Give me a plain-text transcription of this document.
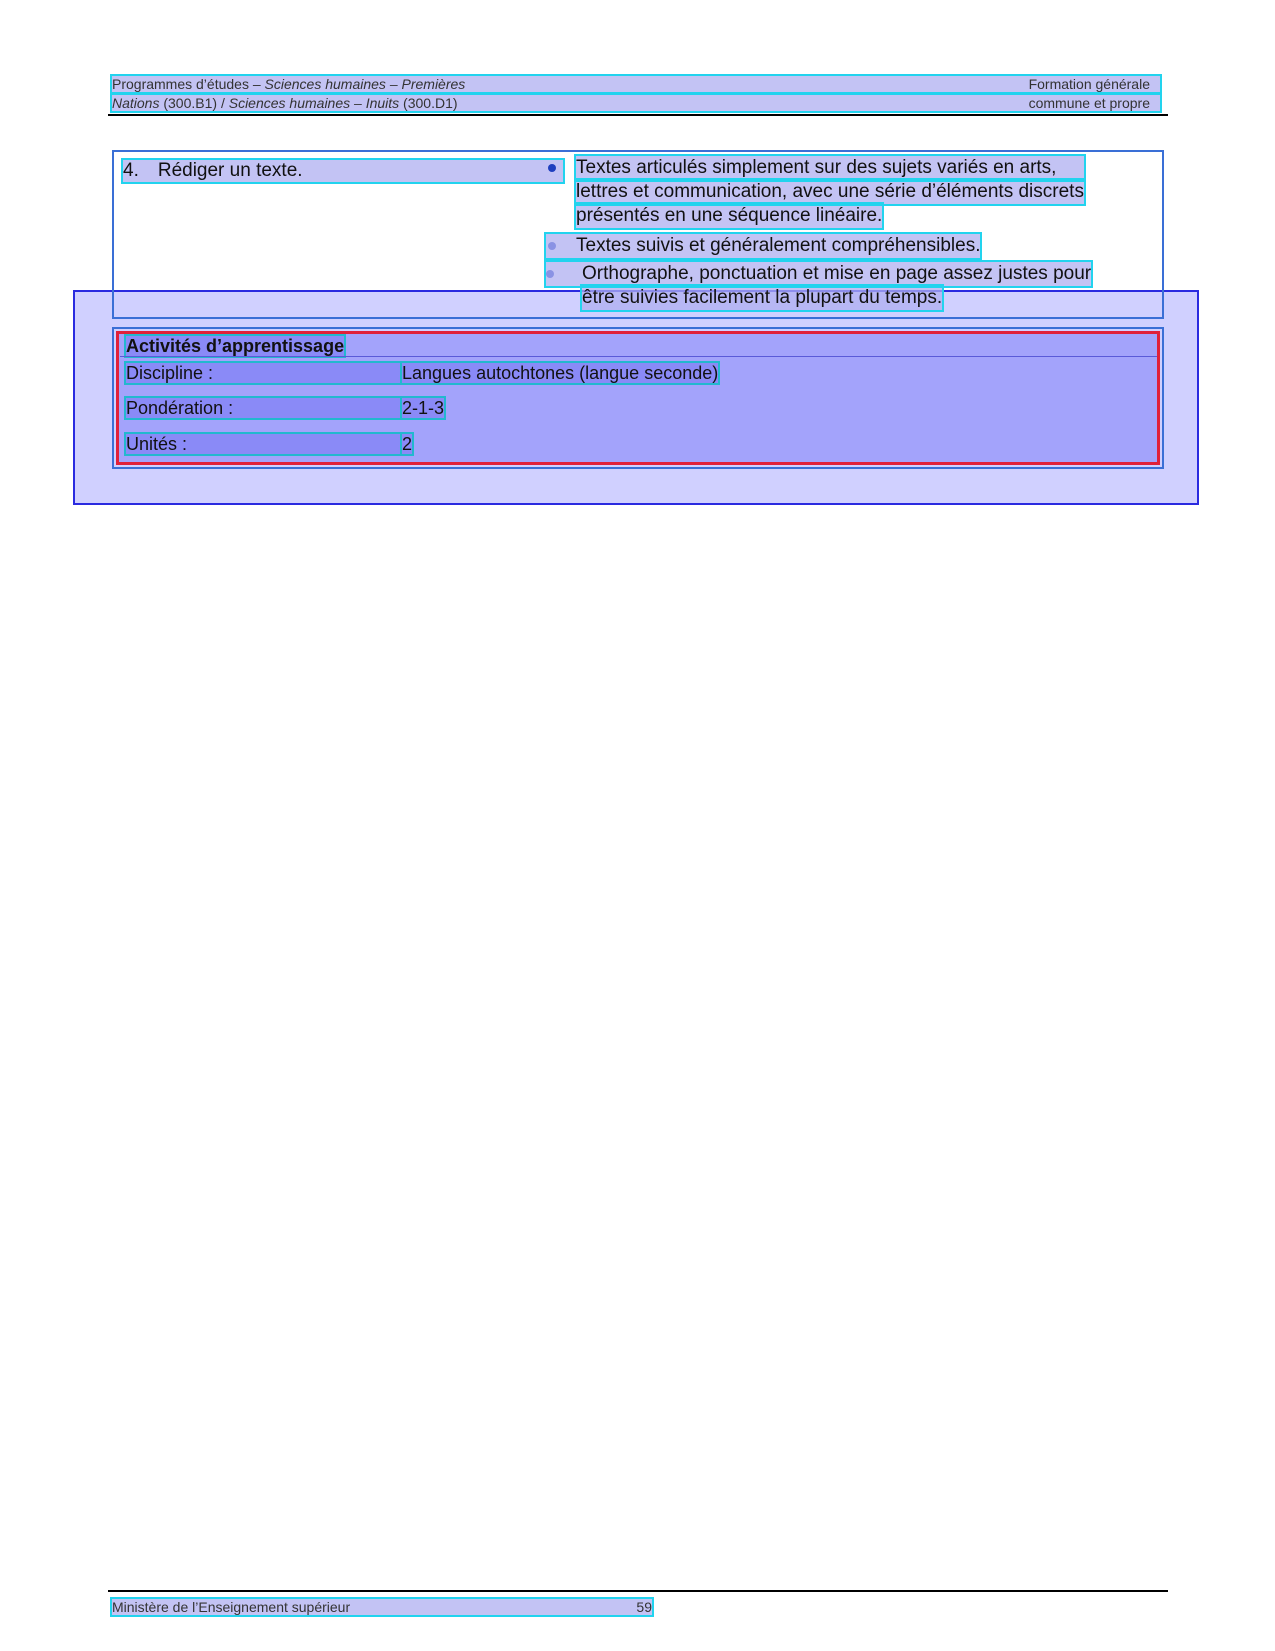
Programmes d’études – Sciences humaines – Premières	Formation générale
Nations (300.B1) / Sciences humaines – Inuits (300.D1)	commune et propre
4. Rédiger un texte.	Textes articulés simplement sur des sujets variés en arts,
lettres et communication, avec une série d’éléments discrets
présentés en une séquence linéaire.
Textes suivis et généralement compréhensibles.
Orthographe, ponctuation et mise en page assez justes pour
être suivies facilement la plupart du temps.
Activités d’apprentissage
Discipline :	Langues autochtones (langue seconde)
Pondération :	2-1-3
Unités :	2
Ministère de l’Enseignement supérieur	59
